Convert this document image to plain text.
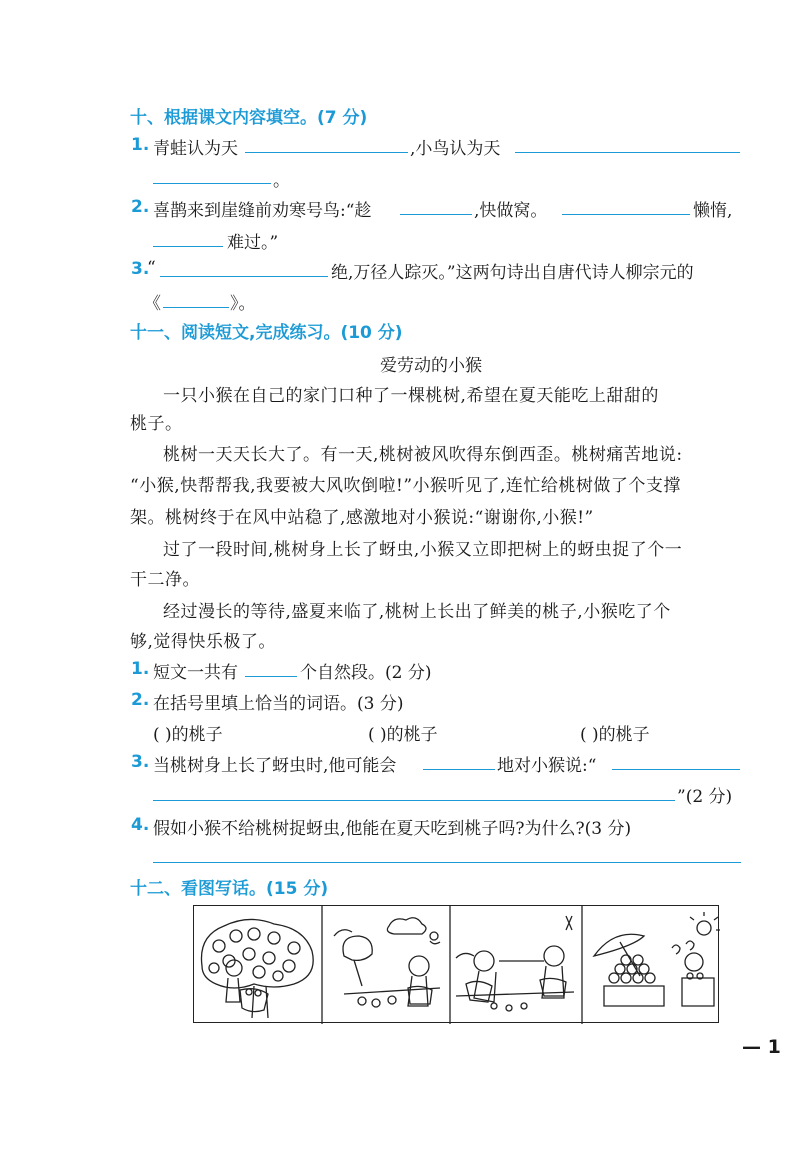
十、根据课文内容填空。(7 分)
1. 青蛙认为天	,小鸟认为天
。
2. 喜鹊来到崖缝前劝寒号鸟:“趁	,快做窝。	懒惰,
难过。”
3.
“	绝,万径人踪灭。”这两句诗出自唐代诗人柳宗元的
《	》。
十一、阅读短文,完成练习。(10 分)
爱劳动的小猴
一只小猴在自己的家门口种了一棵桃树,希望在夏天能吃上甜甜的
桃子。
桃树一天天长大了。有一天,桃树被风吹得东倒西歪。桃树痛苦地说:
“小猴,快帮帮我,我要被大风吹倒啦!”小猴听见了,连忙给桃树做了个支撑
架。桃树终于在风中站稳了,感激地对小猴说:“谢谢你,小猴!”
过了一段时间,桃树身上长了蚜虫,小猴又立即把树上的蚜虫捉了个一
干二净。
经过漫长的等待,盛夏来临了,桃树上长出了鲜美的桃子,小猴吃了个
够,觉得快乐极了。
1. 短文一共有	个自然段。(2 分)
2. 在括号里填上恰当的词语。(3 分)
( )的桃子	( )的桃子	( )的桃子
3. 当桃树身上长了蚜虫时,他可能会	地对小猴说:“
”(2 分)
4. 假如小猴不给桃树捉蚜虫,他能在夏天吃到桃子吗?为什么?(3 分)
十二、看图写话。(15 分)
— 1
